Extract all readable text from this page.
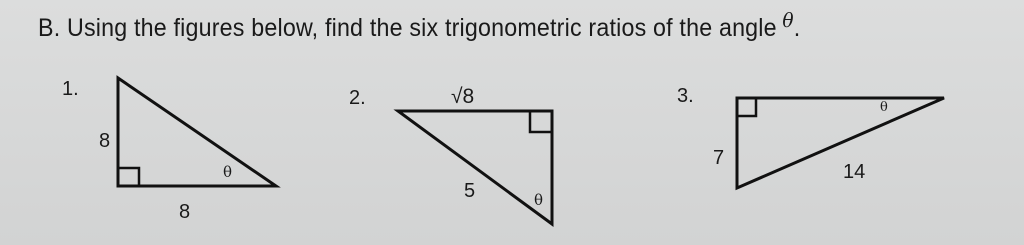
B. Using the figures below, find the six trigonometric ratios of the angle $^\theta$.
1.
8
θ
8
2.	√8
5	θ
3.
θ
7
14
